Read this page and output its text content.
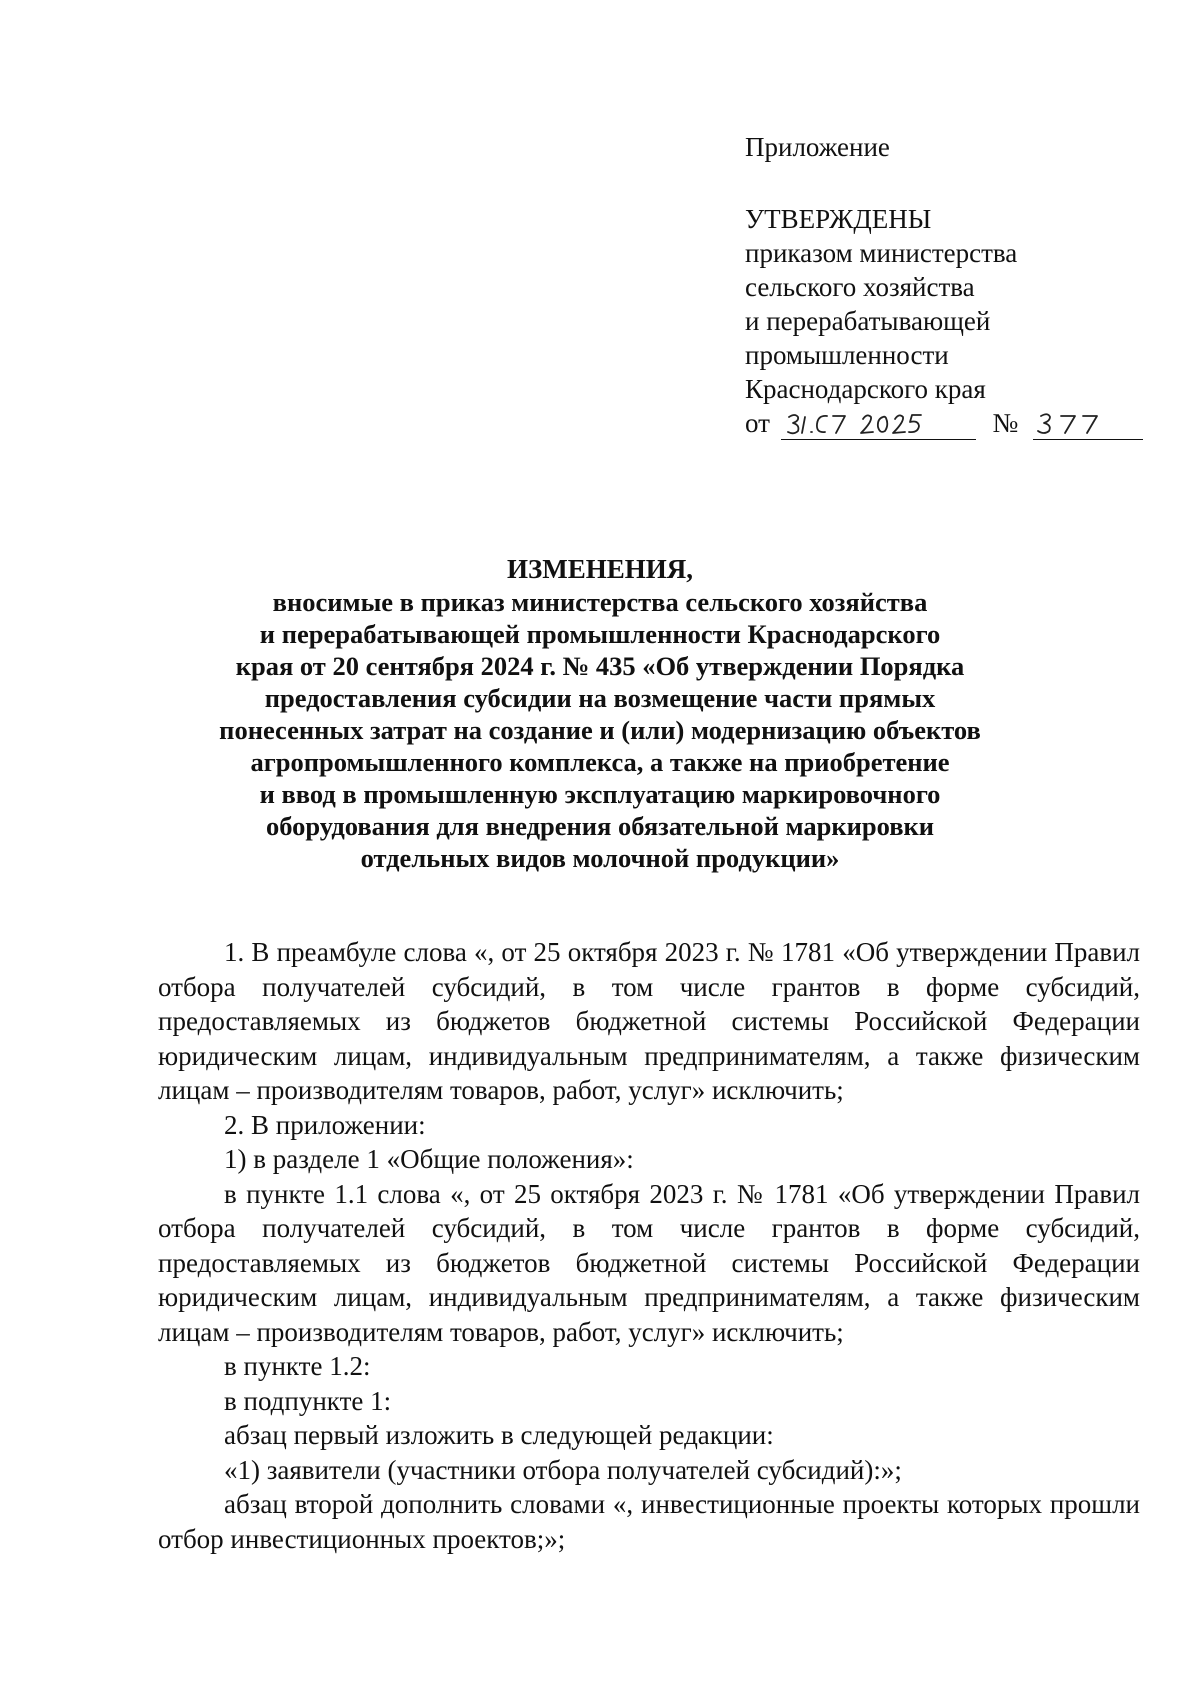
Приложение
УТВЕРЖДЕНЫ
приказом министерства
сельского хозяйства
и перерабатывающей
промышленности
Краснодарского края
от	№
ИЗМЕНЕНИЯ,
вносимые в приказ министерства сельского хозяйства
и перерабатывающей промышленности Краснодарского
края от 20 сентября 2024 г. № 435 «Об утверждении Порядка
предоставления субсидии на возмещение части прямых
понесенных затрат на создание и (или) модернизацию объектов
агропромышленного комплекса, а также на приобретение
и ввод в промышленную эксплуатацию маркировочного
оборудования для внедрения обязательной маркировки
отдельных видов молочной продукции»

1. В преамбуле слова «, от 25 октября 2023 г. № 1781 «Об утверждении Правил отбора получателей субсидий, в том числе грантов в форме субсидий, предоставляемых из бюджетов бюджетной системы Российской Федерации юридическим лицам, индивидуальным предпринимателям, а также физическим лицам – производителям товаров, работ, услуг» исключить;

2. В приложении:

1) в разделе 1 «Общие положения»:

в пункте 1.1 слова «, от 25 октября 2023 г. № 1781 «Об утверждении Правил отбора получателей субсидий, в том числе грантов в форме субсидий, предоставляемых из бюджетов бюджетной системы Российской Федерации юридическим лицам, индивидуальным предпринимателям, а также физическим лицам – производителям товаров, работ, услуг» исключить;

в пункте 1.2:

в подпункте 1:

абзац первый изложить в следующей редакции:

«1) заявители (участники отбора получателей субсидий):»;

абзац второй дополнить словами «, инвестиционные проекты которых прошли отбор инвестиционных проектов;»;
